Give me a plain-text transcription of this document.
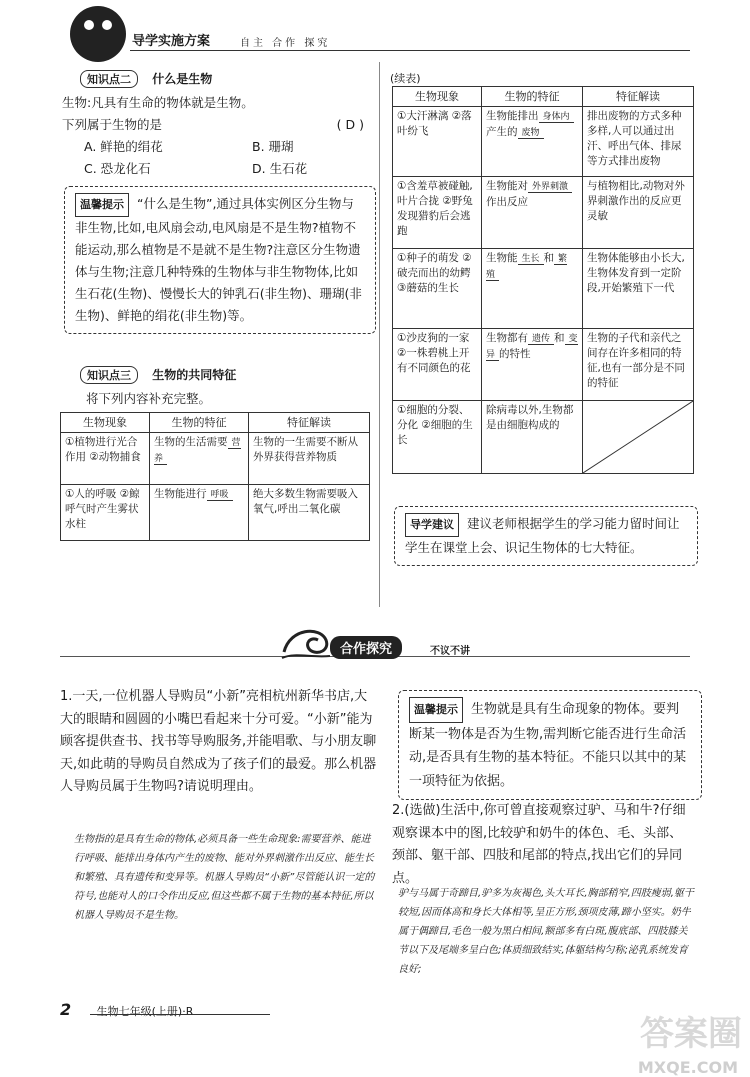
导学实施方案	自主 合作 探究
知识点二 什么是生物
生物:凡具有生命的物体就是生物。
下列属于生物的是	( D )
A. 鲜艳的绢花	B. 珊瑚
C. 恐龙化石	D. 生石花
温馨提示 “什么是生物”,通过具体实例区分生物与非生物,比如,电风扇会动,电风扇是不是生物?植物不能运动,那么植物是不是就不是生物?注意区分生物遗体与生物;注意几种特殊的生物体与非生物物体,比如生石花(生物)、慢慢长大的钟乳石(非生物)、珊瑚(非生物)、鲜艳的绢花(非生物)等。
知识点三 生物的共同特征
将下列内容补充完整。
生物现象	生物的特征	特征解读
①植物进行光合作用 ②动物捕食	生物的生活需要 营养	生物的一生需要不断从外界获得营养物质
①人的呼吸 ②鲸呼气时产生雾状水柱	生物能进行 呼吸	绝大多数生物需要吸入氧气,呼出二氧化碳
(续表)
生物现象	生物的特征	特征解读
①大汗淋漓 ②落叶纷飞	生物能排出 身体内产生的 废物	排出废物的方式多种多样,人可以通过出汗、呼出气体、排尿等方式排出废物
①含羞草被碰触,叶片合拢 ②野兔发现猎豹后会逃跑	生物能对 外界刺激作出反应	与植物相比,动物对外界刺激作出的反应更灵敏
①种子的萌发 ②破壳而出的幼鳄 ③蘑菇的生长	生物能 生长 和 繁殖	生物体能够由小长大,生物体发育到一定阶段,开始繁殖下一代
①沙皮狗的一家 ②一株碧桃上开有不同颜色的花	生物都有 遗传 和 变异 的特性	生物的子代和亲代之间存在许多相同的特征,也有一部分是不同的特征
①细胞的分裂、分化 ②细胞的生长	除病毒以外,生物都是由细胞构成的	
导学建议 建议老师根据学生的学习能力留时间让学生在课堂上会、识记生物体的七大特征。
合作探究	不议不讲
1.一天,一位机器人导购员“小新”亮相杭州新华书店,大大的眼睛和圆圆的小嘴巴看起来十分可爱。“小新”能为顾客提供查书、找书等导购服务,并能唱歌、与小朋友聊天,如此萌的导购员自然成为了孩子们的最爱。那么机器人导购员属于生物吗?请说明理由。
生物指的是具有生命的物体,必须具备一些生命现象:需要营养、能进行呼吸、能排出身体内产生的废物、能对外界刺激作出反应、能生长和繁殖、具有遗传和变异等。机器人导购员“小新”尽管能认识一定的符号,也能对人的口令作出反应,但这些都不属于生物的基本特征,所以机器人导购员不是生物。
温馨提示 生物就是具有生命现象的物体。要判断某一物体是否为生物,需判断它能否进行生命活动,是否具有生物的基本特征。不能只以其中的某一项特征为依据。
2.(选做)生活中,你可曾直接观察过驴、马和牛?仔细观察课本中的图,比较驴和奶牛的体色、毛、头部、颈部、躯干部、四肢和尾部的特点,找出它们的异同点。
驴与马属于奇蹄目,驴多为灰褐色,头大耳长,胸部稍窄,四肢瘦弱,躯干较短,因而体高和身长大体相等,呈正方形,颈项皮薄,蹄小坚实。奶牛属于偶蹄目,毛色一般为黑白相间,额部多有白斑,腹底部、四肢膝关节以下及尾端多呈白色;体质细致结实,体躯结构匀称;泌乳系统发育良好;
2 生物七年级(上册)·R
答案圈
MXQE.COM
